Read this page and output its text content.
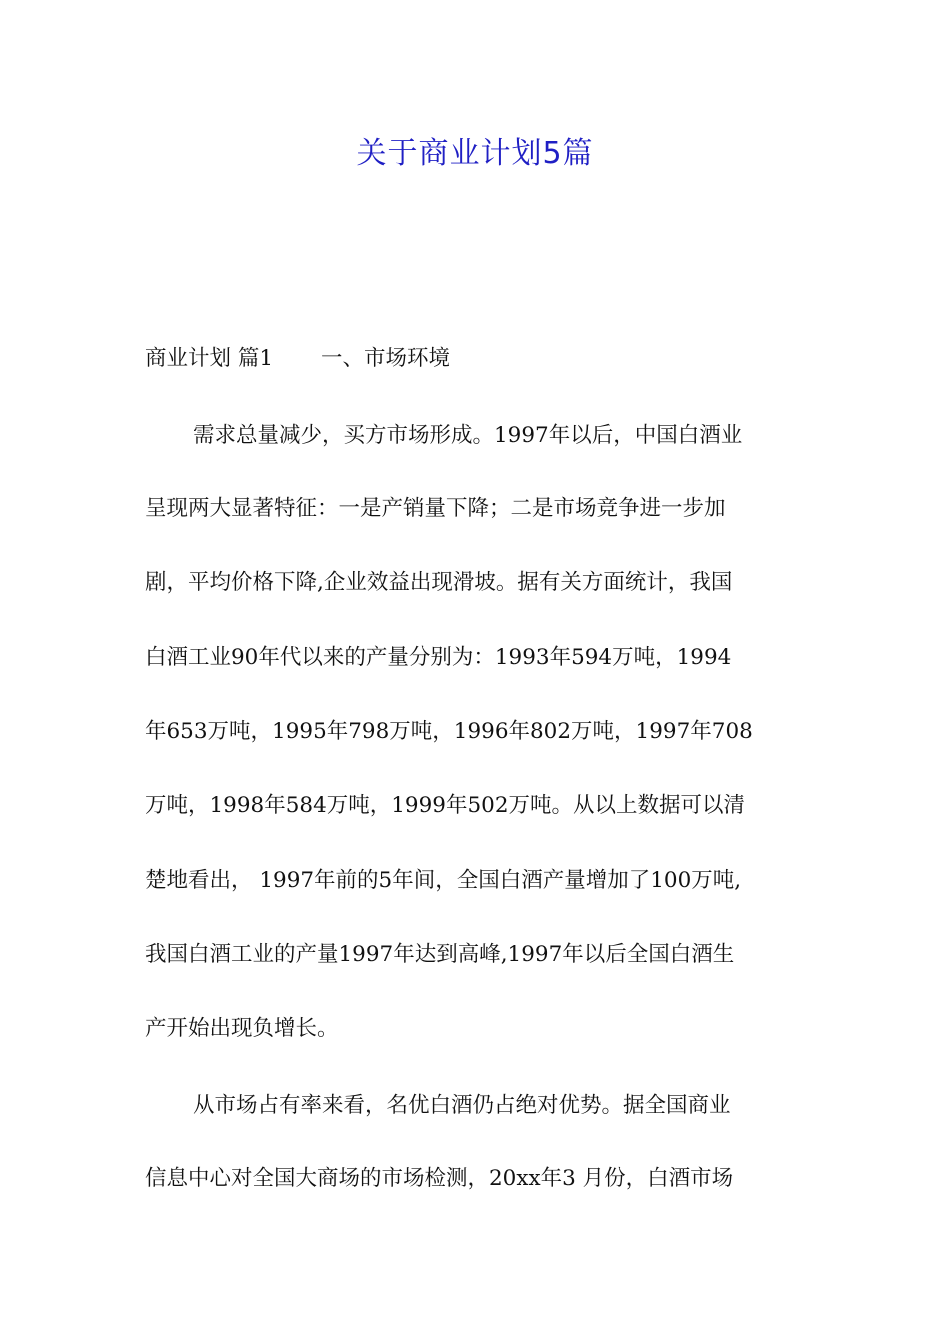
关于商业计划5篇

商业计划 篇1 一、市场环境

需求总量减少，买方市场形成。1997年以后，中国白酒业

呈现两大显著特征：一是产销量下降；二是市场竞争进一步加

剧，平均价格下降,企业效益出现滑坡。据有关方面统计，我国

白酒工业90年代以来的产量分别为：1993年594万吨，1994

年653万吨，1995年798万吨，1996年802万吨，1997年708

万吨，1998年584万吨，1999年502万吨。从以上数据可以清

楚地看出， 1997年前的5年间，全国白酒产量增加了100万吨,

我国白酒工业的产量1997年达到高峰,1997年以后全国白酒生

产开始出现负增长。

从市场占有率来看，名优白酒仍占绝对优势。据全国商业

信息中心对全国大商场的市场检测，20xx年3 月份，白酒市场
